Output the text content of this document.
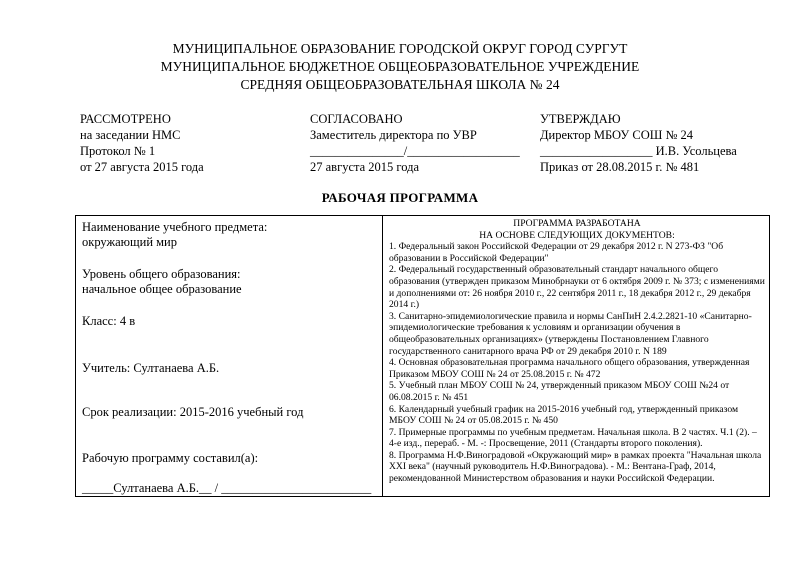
МУНИЦИПАЛЬНОЕ ОБРАЗОВАНИЕ ГОРОДСКОЙ ОКРУГ ГОРОД СУРГУТ
МУНИЦИПАЛЬНОЕ БЮДЖЕТНОЕ ОБЩЕОБРАЗОВАТЕЛЬНОЕ УЧРЕЖДЕНИЕ
СРЕДНЯЯ ОБЩЕОБРАЗОВАТЕЛЬНАЯ ШКОЛА № 24
РАССМОТРЕНО
на заседании НМС
Протокол № 1
от 27 августа 2015 года
СОГЛАСОВАНО
Заместитель директора по УВР
_______________/__________________
27 августа 2015 года
УТВЕРЖДАЮ
Директор МБОУ СОШ № 24
__________________ И.В. Усольцева
Приказ от 28.08.2015 г. № 481
РАБОЧАЯ ПРОГРАММА
Наименование учебного предмета:
окружающий мир
Уровень общего образования:
начальное общее образование
Класс: 4 в
Учитель: Султанаева А.Б.
Срок реализации: 2015-2016 учебный год
Рабочую программу составил(а):
_____Султанаева А.Б.__ / ________________________
ПРОГРАММА РАЗРАБОТАНА
НА ОСНОВЕ СЛЕДУЮЩИХ ДОКУМЕНТОВ:
1. Федеральный закон Российской Федерации от 29 декабря 2012 г. N 273-ФЗ "Об образовании в Российской Федерации"
2. Федеральный государственный образовательный стандарт начального общего образования (утвержден приказом Минобрнауки от 6 октября 2009 г. № 373; с изменениями и дополнениями от: 26 ноября 2010 г., 22 сентября 2011 г., 18 декабря 2012 г., 29 декабря 2014 г.)
3. Санитарно-эпидемиологические правила и нормы СанПиН 2.4.2.2821-10 «Санитарно-эпидемиологические требования к условиям и организации обучения в общеобразовательных организациях» (утверждены Постановлением Главного государственного санитарного врача РФ от 29 декабря 2010 г. N 189
4. Основная образовательная программа начального общего образования, утвержденная Приказом МБОУ СОШ № 24 от 25.08.2015 г. № 472
5. Учебный план МБОУ СОШ № 24, утвержденный приказом МБОУ СОШ №24 от 06.08.2015 г. № 451
6. Календарный учебный график на 2015-2016 учебный год, утвержденный приказом МБОУ СОШ № 24 от 05.08.2015 г. № 450
7. Примерные программы по учебным предметам. Начальная школа. В 2 частях. Ч.1 (2). – 4-е изд., перераб. - М. -: Просвещение, 2011 (Стандарты второго поколения).
8. Программа Н.Ф.Виноградовой «Окружающий мир» в рамках проекта "Начальная школа XXI века" (научный руководитель Н.Ф.Виноградова). - М.: Вентана-Граф, 2014, рекомендованной Министерством образования и науки Российской Федерации.
